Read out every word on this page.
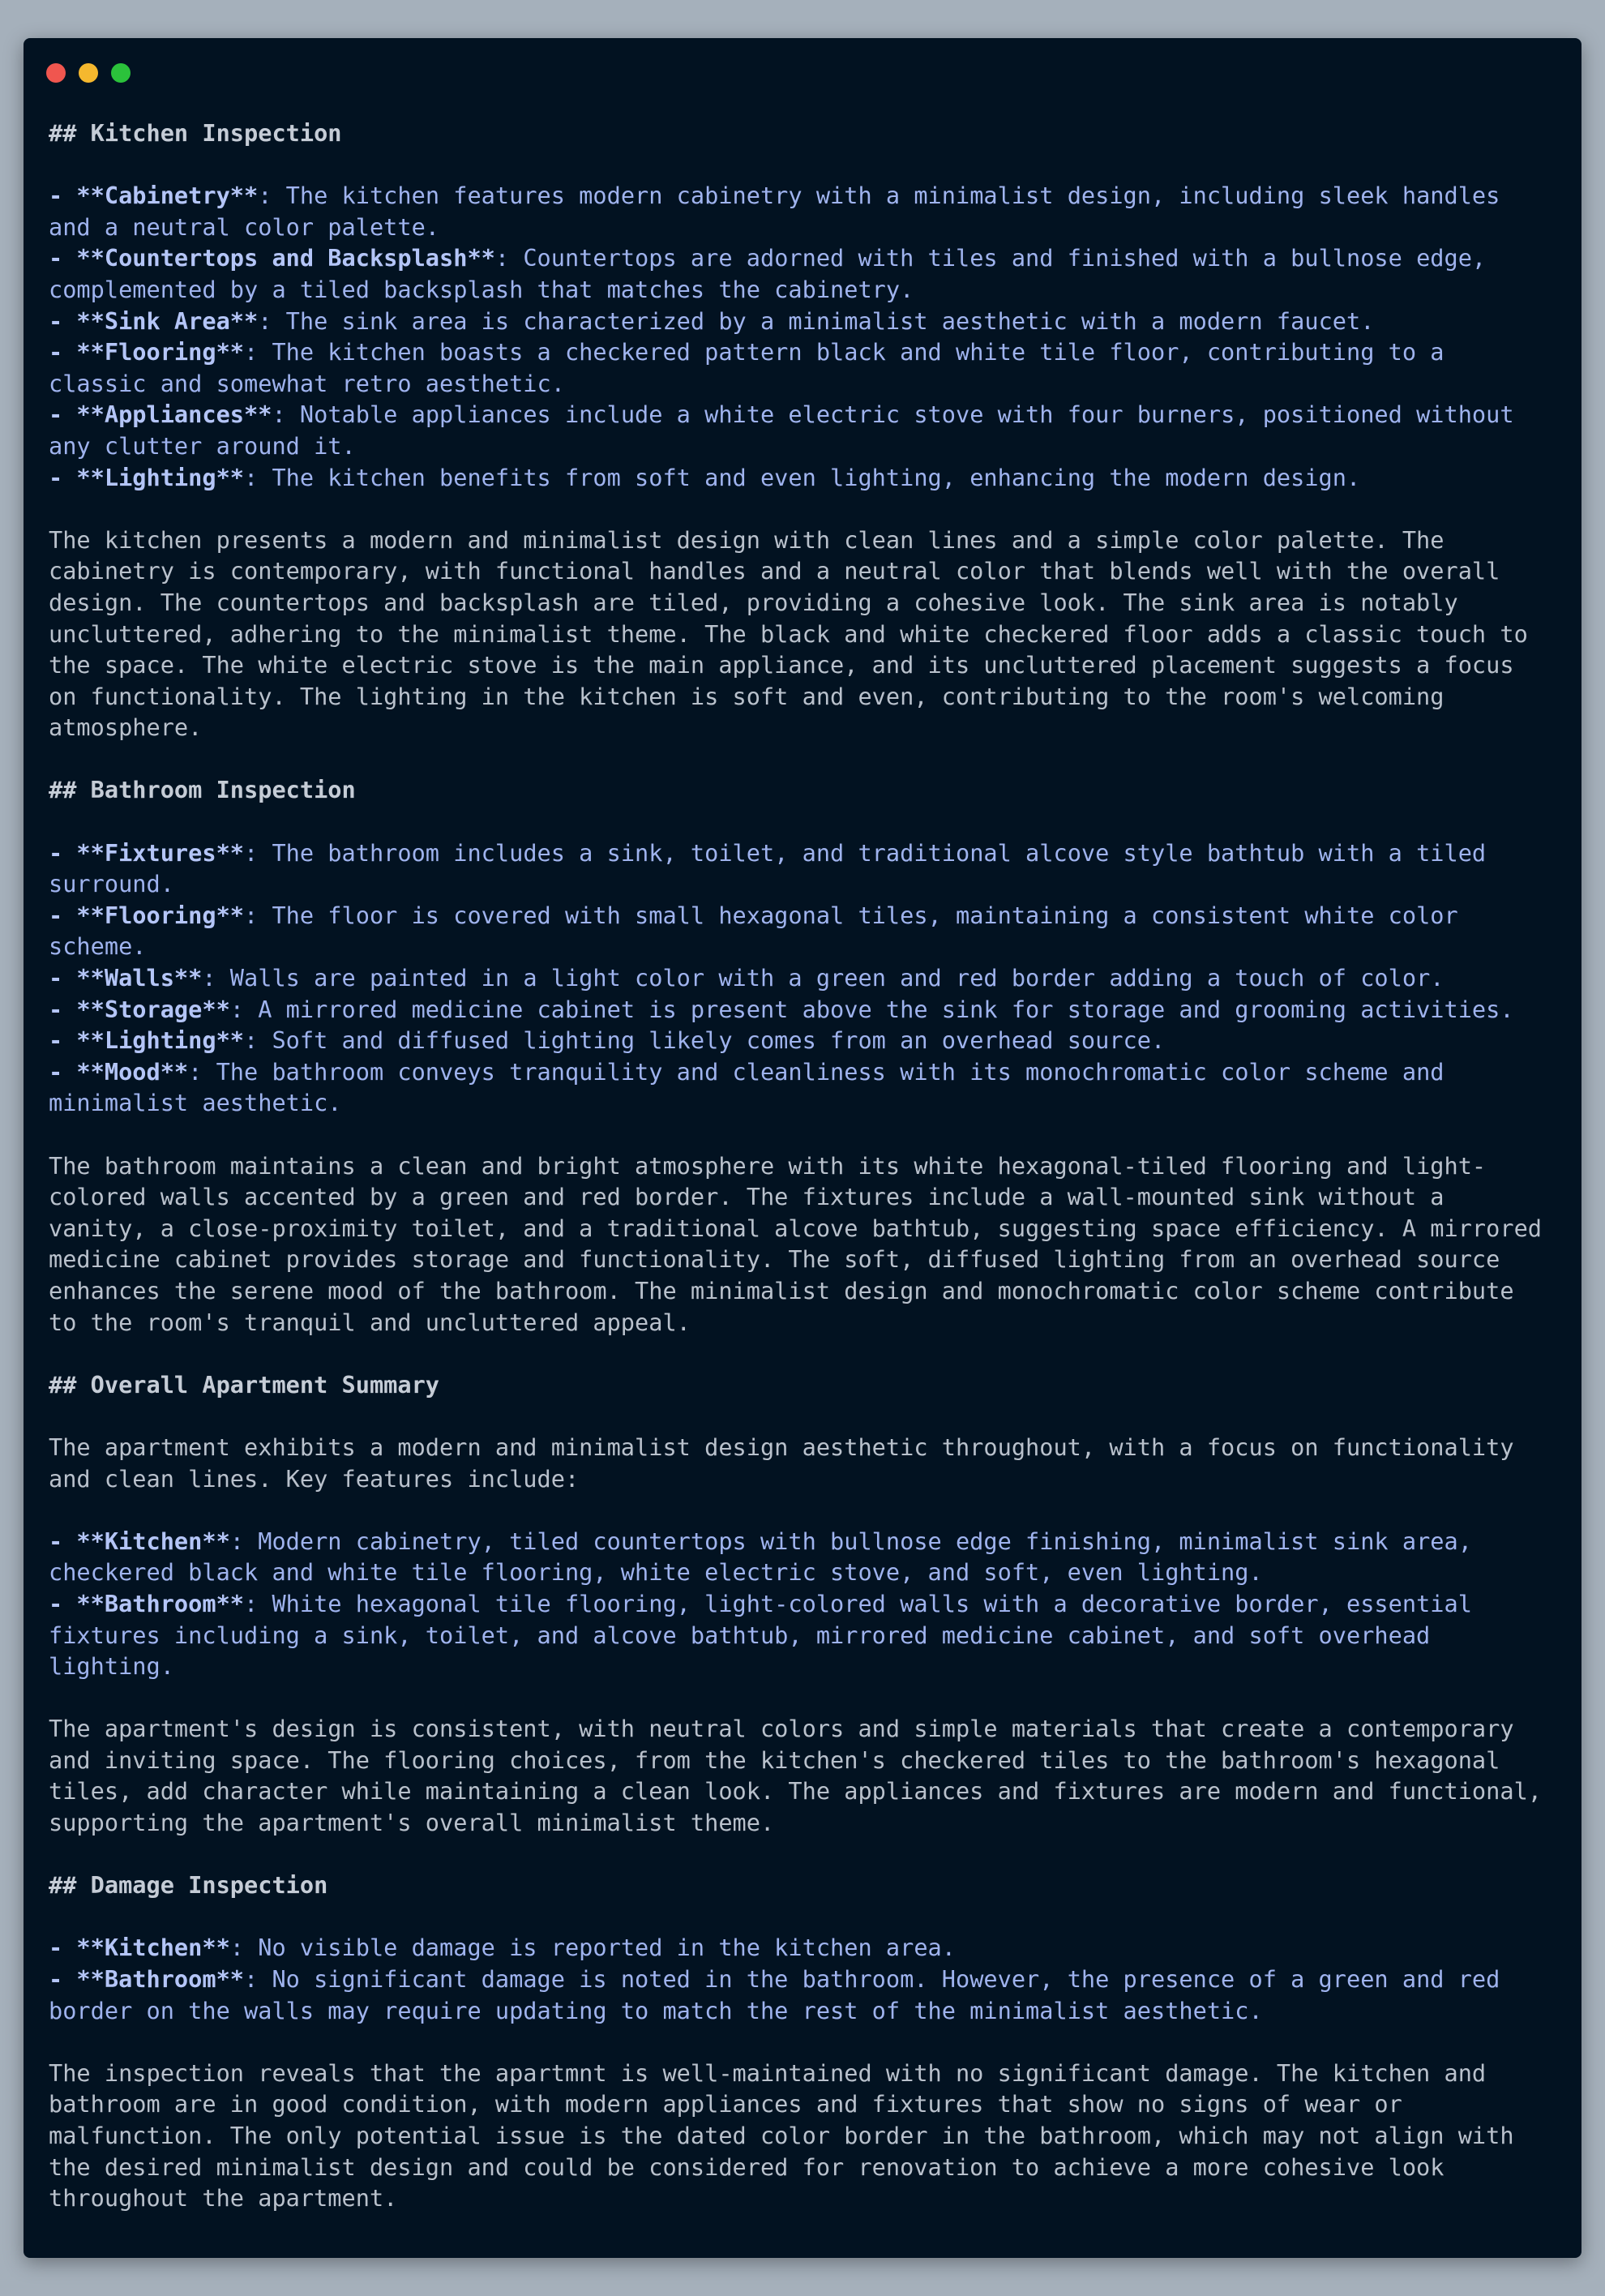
## Kitchen Inspection
- **Cabinetry**: The kitchen features modern cabinetry with a minimalist design, including sleek handles
and a neutral color palette.
- **Countertops and Backsplash**: Countertops are adorned with tiles and finished with a bullnose edge,
complemented by a tiled backsplash that matches the cabinetry.
- **Sink Area**: The sink area is characterized by a minimalist aesthetic with a modern faucet.
- **Flooring**: The kitchen boasts a checkered pattern black and white tile floor, contributing to a
classic and somewhat retro aesthetic.
- **Appliances**: Notable appliances include a white electric stove with four burners, positioned without
any clutter around it.
- **Lighting**: The kitchen benefits from soft and even lighting, enhancing the modern design.
The kitchen presents a modern and minimalist design with clean lines and a simple color palette. The
cabinetry is contemporary, with functional handles and a neutral color that blends well with the overall
design. The countertops and backsplash are tiled, providing a cohesive look. The sink area is notably
uncluttered, adhering to the minimalist theme. The black and white checkered floor adds a classic touch to
the space. The white electric stove is the main appliance, and its uncluttered placement suggests a focus
on functionality. The lighting in the kitchen is soft and even, contributing to the room's welcoming
atmosphere.
## Bathroom Inspection
- **Fixtures**: The bathroom includes a sink, toilet, and traditional alcove style bathtub with a tiled
surround.
- **Flooring**: The floor is covered with small hexagonal tiles, maintaining a consistent white color
scheme.
- **Walls**: Walls are painted in a light color with a green and red border adding a touch of color.
- **Storage**: A mirrored medicine cabinet is present above the sink for storage and grooming activities.
- **Lighting**: Soft and diffused lighting likely comes from an overhead source.
- **Mood**: The bathroom conveys tranquility and cleanliness with its monochromatic color scheme and
minimalist aesthetic.
The bathroom maintains a clean and bright atmosphere with its white hexagonal-tiled flooring and light-
colored walls accented by a green and red border. The fixtures include a wall-mounted sink without a
vanity, a close-proximity toilet, and a traditional alcove bathtub, suggesting space efficiency. A mirrored
medicine cabinet provides storage and functionality. The soft, diffused lighting from an overhead source
enhances the serene mood of the bathroom. The minimalist design and monochromatic color scheme contribute
to the room's tranquil and uncluttered appeal.
## Overall Apartment Summary
The apartment exhibits a modern and minimalist design aesthetic throughout, with a focus on functionality
and clean lines. Key features include:
- **Kitchen**: Modern cabinetry, tiled countertops with bullnose edge finishing, minimalist sink area,
checkered black and white tile flooring, white electric stove, and soft, even lighting.
- **Bathroom**: White hexagonal tile flooring, light-colored walls with a decorative border, essential
fixtures including a sink, toilet, and alcove bathtub, mirrored medicine cabinet, and soft overhead
lighting.
The apartment's design is consistent, with neutral colors and simple materials that create a contemporary
and inviting space. The flooring choices, from the kitchen's checkered tiles to the bathroom's hexagonal
tiles, add character while maintaining a clean look. The appliances and fixtures are modern and functional,
supporting the apartment's overall minimalist theme.
## Damage Inspection
- **Kitchen**: No visible damage is reported in the kitchen area.
- **Bathroom**: No significant damage is noted in the bathroom. However, the presence of a green and red
border on the walls may require updating to match the rest of the minimalist aesthetic.
The inspection reveals that the apartmnt is well-maintained with no significant damage. The kitchen and
bathroom are in good condition, with modern appliances and fixtures that show no signs of wear or
malfunction. The only potential issue is the dated color border in the bathroom, which may not align with
the desired minimalist design and could be considered for renovation to achieve a more cohesive look
throughout the apartment.
